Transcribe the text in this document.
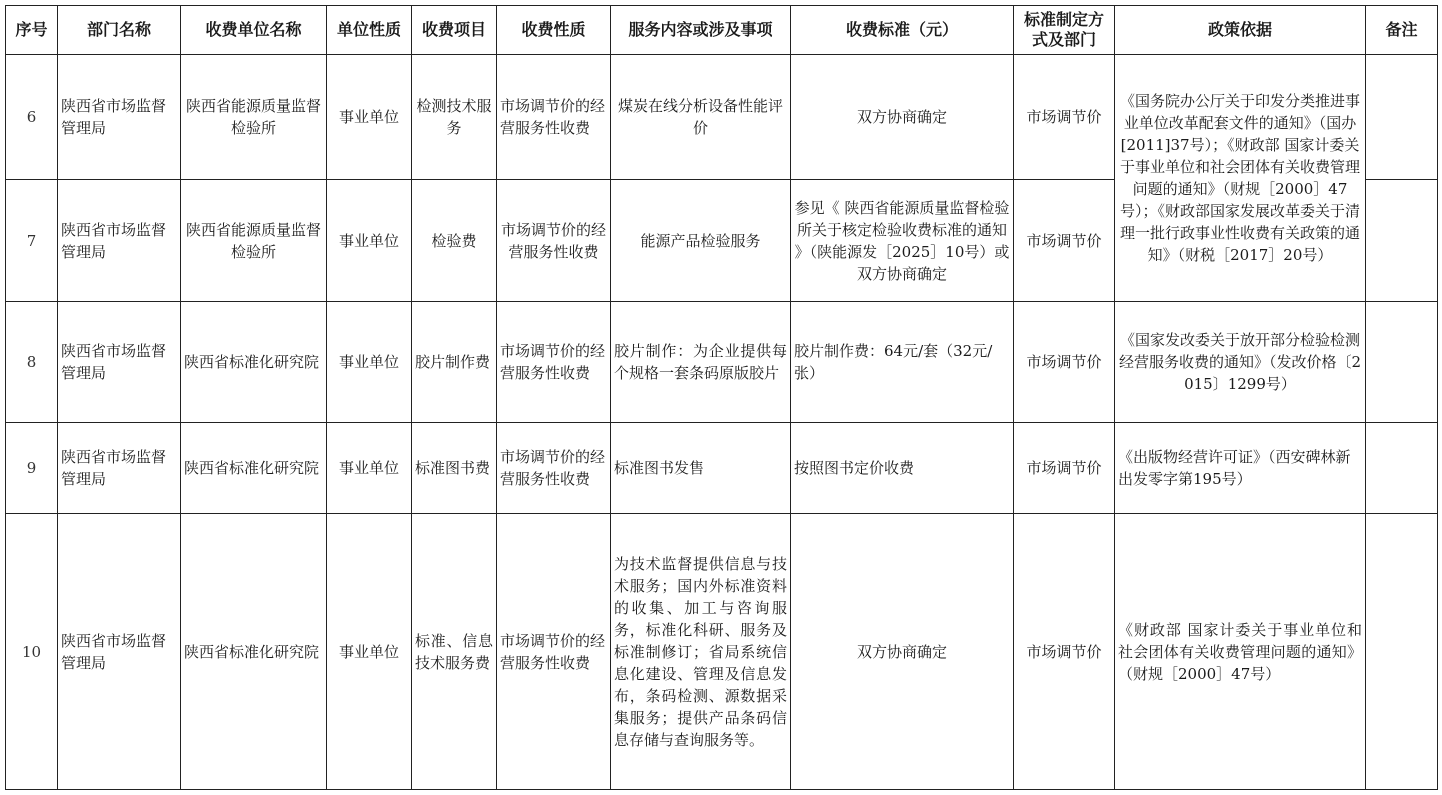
序号	部门名称	收费单位名称	单位性质	收费项目	收费性质	服务内容或涉及事项	收费标准（元）	标准制定方式及部门	政策依据	备注
6	陕西省市场监督管理局	陕西省能源质量监督检验所	事业单位	检测技术服务	市场调节价的经营服务性收费	煤炭在线分析设备性能评价	双方协商确定	市场调节价	《国务院办公厅关于印发分类推进事业单位改革配套文件的通知》（国办[2011]37号）；《财政部 国家计委关于事业单位和社会团体有关收费管理问题的通知》（财规［2000］47号）；《财政部国家发展改革委关于清理一批行政事业性收费有关政策的通知》（财税［2017］20号）	
7	陕西省市场监督管理局	陕西省能源质量监督检验所	事业单位	检验费	市场调节价的经营服务性收费	能源产品检验服务	参见《 陕西省能源质量监督检验所关于核定检验收费标准的通知 》（陕能源发［2025］10号）或双方协商确定	市场调节价		
8	陕西省市场监督管理局	陕西省标准化研究院	事业单位	胶片制作费	市场调节价的经营服务性收费	胶片制作：为企业提供每个规格一套条码原版胶片	胶片制作费：64元/套（32元/张）	市场调节价	《国家发改委关于放开部分检验检测经营服务收费的通知》（发改价格〔2015〕1299号）	
9	陕西省市场监督管理局	陕西省标准化研究院	事业单位	标准图书费	市场调节价的经营服务性收费	标准图书发售	按照图书定价收费	市场调节价	《出版物经营许可证》（西安碑林新出发零字第195号）	
10	陕西省市场监督管理局	陕西省标准化研究院	事业单位	标准、信息技术服务费	市场调节价的经营服务性收费	为技术监督提供信息与技术服务；国内外标准资料的收集、加工与咨询服务，标准化科研、服务及标准制修订；省局系统信息化建设、管理及信息发布，条码检测、源数据采集服务；提供产品条码信息存储与查询服务等。	双方协商确定	市场调节价	《财政部 国家计委关于事业单位和社会团体有关收费管理问题的通知》（财规［2000］47号）	
